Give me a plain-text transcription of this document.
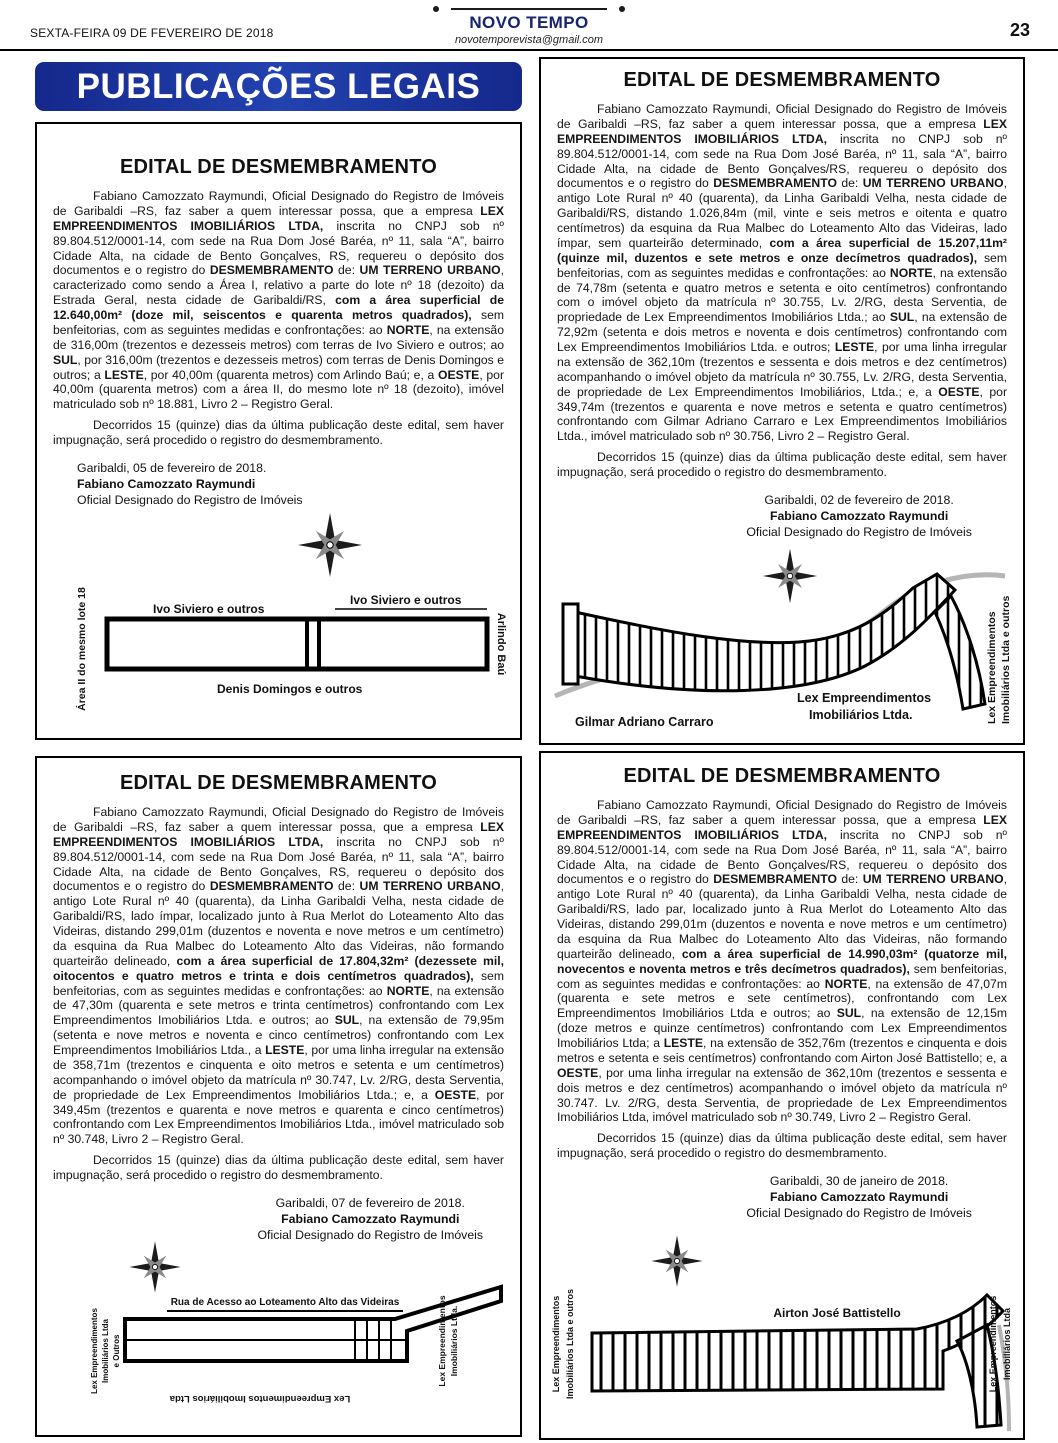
SEXTA-FEIRA 09 DE FEVEREIRO DE 2018
NOVO TEMPO
novotemporevista@gmail.com	23
PUBLICAÇÕES LEGAIS
EDITAL DE DESMEMBRAMENTO

Fabiano Camozzato Raymundi, Oficial Designado do Registro de Imóveis de Garibaldi –RS, faz saber a quem interessar possa, que a empresa LEX EMPREENDIMENTOS IMOBILIÁRIOS LTDA, inscrita no CNPJ sob nº 89.804.512/0001-14, com sede na Rua Dom José Baréa, nº 11, sala “A”, bairro Cidade Alta, na cidade de Bento Gonçalves, RS, requereu o depósito dos documentos e o registro do DESMEMBRAMENTO de: UM TERRENO URBANO, caracterizado como sendo a Área I, relativo a parte do lote nº 18 (dezoito) da Estrada Geral, nesta cidade de Garibaldi/RS, com a área superficial de 12.640,00m² (doze mil, seiscentos e quarenta metros quadrados), sem benfeitorias, com as seguintes medidas e confrontações: ao NORTE, na extensão de 316,00m (trezentos e dezesseis metros) com terras de Ivo Siviero e outros; ao SUL, por 316,00m (trezentos e dezesseis metros) com terras de Denis Domingos e outros; a LESTE, por 40,00m (quarenta metros) com Arlindo Baú; e, a OESTE, por 40,00m (quarenta metros) com a área II, do mesmo lote nº 18 (dezoito), imóvel matriculado sob nº 18.881, Livro 2 – Registro Geral.

Decorridos 15 (quinze) dias da última publicação deste edital, sem haver impugnação, será procedido o registro do desmembramento.

Garibaldi, 05 de fevereiro de 2018.
Fabiano Camozzato Raymundi
Oficial Designado do Registro de Imóveis
Área II do mesmo lote 18	Ivo Siviero e outros
Ivo Siviero e outros
Denis Domingos e outros
Arlindo Baú
EDITAL DE DESMEMBRAMENTO

Fabiano Camozzato Raymundi, Oficial Designado do Registro de Imóveis de Garibaldi –RS, faz saber a quem interessar possa, que a empresa LEX EMPREENDIMENTOS IMOBILIÁRIOS LTDA, inscrita no CNPJ sob nº 89.804.512/0001-14, com sede na Rua Dom José Baréa, nº 11, sala “A”, bairro Cidade Alta, na cidade de Bento Gonçalves/RS, requereu o depósito dos documentos e o registro do DESMEMBRAMENTO de: UM TERRENO URBANO, antigo Lote Rural nº 40 (quarenta), da Linha Garibaldi Velha, nesta cidade de Garibaldi/RS, distando 1.026,84m (mil, vinte e seis metros e oitenta e quatro centímetros) da esquina da Rua Malbec do Loteamento Alto das Videiras, lado ímpar, sem quarteirão determinado, com a área superficial de 15.207,11m² (quinze mil, duzentos e sete metros e onze decímetros quadrados), sem benfeitorias, com as seguintes medidas e confrontações: ao NORTE, na extensão de 74,78m (setenta e quatro metros e setenta e oito centímetros) confrontando com o imóvel objeto da matrícula nº 30.755, Lv. 2/RG, desta Serventia, de propriedade de Lex Empreendimentos Imobiliários Ltda.; ao SUL, na extensão de 72,92m (setenta e dois metros e noventa e dois centímetros) confrontando com Lex Empreendimentos Imobiliários Ltda. e outros; LESTE, por uma linha irregular na extensão de 362,10m (trezentos e sessenta e dois metros e dez centímetros) acompanhando o imóvel objeto da matrícula nº 30.755, Lv. 2/RG, desta Serventia, de propriedade de Lex Empreendimentos Imobiliários, Ltda.; e, a OESTE, por 349,74m (trezentos e quarenta e nove metros e setenta e quatro centímetros) confrontando com Gilmar Adriano Carraro e Lex Empreendimentos Imobiliários Ltda., imóvel matriculado sob nº 30.756, Livro 2 – Registro Geral.

Decorridos 15 (quinze) dias da última publicação deste edital, sem haver impugnação, será procedido o registro do desmembramento.

Garibaldi, 02 de fevereiro de 2018.
Fabiano Camozzato Raymundi
Oficial Designado do Registro de Imóveis
Gilmar Adriano Carraro
Lex Empreendimentos
Imobiliários Ltda.	Lex Empreendimentos Imobiliários Ltda e outros
EDITAL DE DESMEMBRAMENTO

Fabiano Camozzato Raymundi, Oficial Designado do Registro de Imóveis de Garibaldi –RS, faz saber a quem interessar possa, que a empresa LEX EMPREENDIMENTOS IMOBILIÁRIOS LTDA, inscrita no CNPJ sob nº 89.804.512/0001-14, com sede na Rua Dom José Baréa, nº 11, sala “A”, bairro Cidade Alta, na cidade de Bento Gonçalves, RS, requereu o depósito dos documentos e o registro do DESMEMBRAMENTO de: UM TERRENO URBANO, antigo Lote Rural nº 40 (quarenta), da Linha Garibaldi Velha, nesta cidade de Garibaldi/RS, lado ímpar, localizado junto à Rua Merlot do Loteamento Alto das Videiras, distando 299,01m (duzentos e noventa e nove metros e um centímetro) da esquina da Rua Malbec do Loteamento Alto das Videiras, não formando quarteirão delineado, com a área superficial de 17.804,32m² (dezessete mil, oitocentos e quatro metros e trinta e dois centímetros quadrados), sem benfeitorias, com as seguintes medidas e confrontações: ao NORTE, na extensão de 47,30m (quarenta e sete metros e trinta centímetros) confrontando com Lex Empreendimentos Imobiliários Ltda. e outros; ao SUL, na extensão de 79,95m (setenta e nove metros e noventa e cinco centímetros) confrontando com Lex Empreendimentos Imobiliários Ltda., a LESTE, por uma linha irregular na extensão de 358,71m (trezentos e cinquenta e oito metros e setenta e um centímetros) acompanhando o imóvel objeto da matrícula nº 30.747, Lv. 2/RG, desta Serventia, de propriedade de Lex Empreendimentos Imobiliários Ltda.; e, a OESTE, por 349,45m (trezentos e quarenta e nove metros e quarenta e cinco centímetros) confrontando com Lex Empreendimentos Imobiliários Ltda., imóvel matriculado sob nº 30.748, Livro 2 – Registro Geral.

Decorridos 15 (quinze) dias da última publicação deste edital, sem haver impugnação, será procedido o registro do desmembramento.

Garibaldi, 07 de fevereiro de 2018.
Fabiano Camozzato Raymundi
Oficial Designado do Registro de Imóveis
Rua de Acesso ao Loteamento Alto das Videiras
Lex Empreendimentos Imobiliários Ltda e Outros	Lex Empreendimentos Imobiliários Ltda.
Lex Empreendimentos Imobiliários Ltda
EDITAL DE DESMEMBRAMENTO

Fabiano Camozzato Raymundi, Oficial Designado do Registro de Imóveis de Garibaldi –RS, faz saber a quem interessar possa, que a empresa LEX EMPREENDIMENTOS IMOBILIÁRIOS LTDA, inscrita no CNPJ sob nº 89.804.512/0001-14, com sede na Rua Dom José Baréa, nº 11, sala “A”, bairro Cidade Alta, na cidade de Bento Gonçalves/RS, requereu o depósito dos documentos e o registro do DESMEMBRAMENTO de: UM TERRENO URBANO, antigo Lote Rural nº 40 (quarenta), da Linha Garibaldi Velha, nesta cidade de Garibaldi/RS, lado par, localizado junto à Rua Merlot do Loteamento Alto das Videiras, distando 299,01m (duzentos e noventa e nove metros e um centímetro) da esquina da Rua Malbec do Loteamento Alto das Videiras, não formando quarteirão delineado, com a área superficial de 14.990,03m² (quatorze mil, novecentos e noventa metros e três decímetros quadrados), sem benfeitorias, com as seguintes medidas e confrontações: ao NORTE, na extensão de 47,07m (quarenta e sete metros e sete centímetros), confrontando com Lex Empreendimentos Imobiliários Ltda e outros; ao SUL, na extensão de 12,15m (doze metros e quinze centímetros) confrontando com Lex Empreendimentos Imobiliários Ltda; a LESTE, na extensão de 352,76m (trezentos e cinquenta e dois metros e setenta e seis centímetros) confrontando com Airton José Battistello; e, a OESTE, por uma linha irregular na extensão de 362,10m (trezentos e sessenta e dois metros e dez centímetros) acompanhando o imóvel objeto da matrícula nº 30.747. Lv. 2/RG, desta Serventia, de propriedade de Lex Empreendimentos Imobiliários Ltda, imóvel matriculado sob nº 30.749, Livro 2 – Registro Geral.

Decorridos 15 (quinze) dias da última publicação deste edital, sem haver impugnação, será procedido o registro do desmembramento.

Garibaldi, 30 de janeiro de 2018.
Fabiano Camozzato Raymundi
Oficial Designado do Registro de Imóveis
Airton José Battistello
Lex Empreendimentos Imobiliários Ltda e outros	Lex Empreendimentos Imobiliários Ltda
